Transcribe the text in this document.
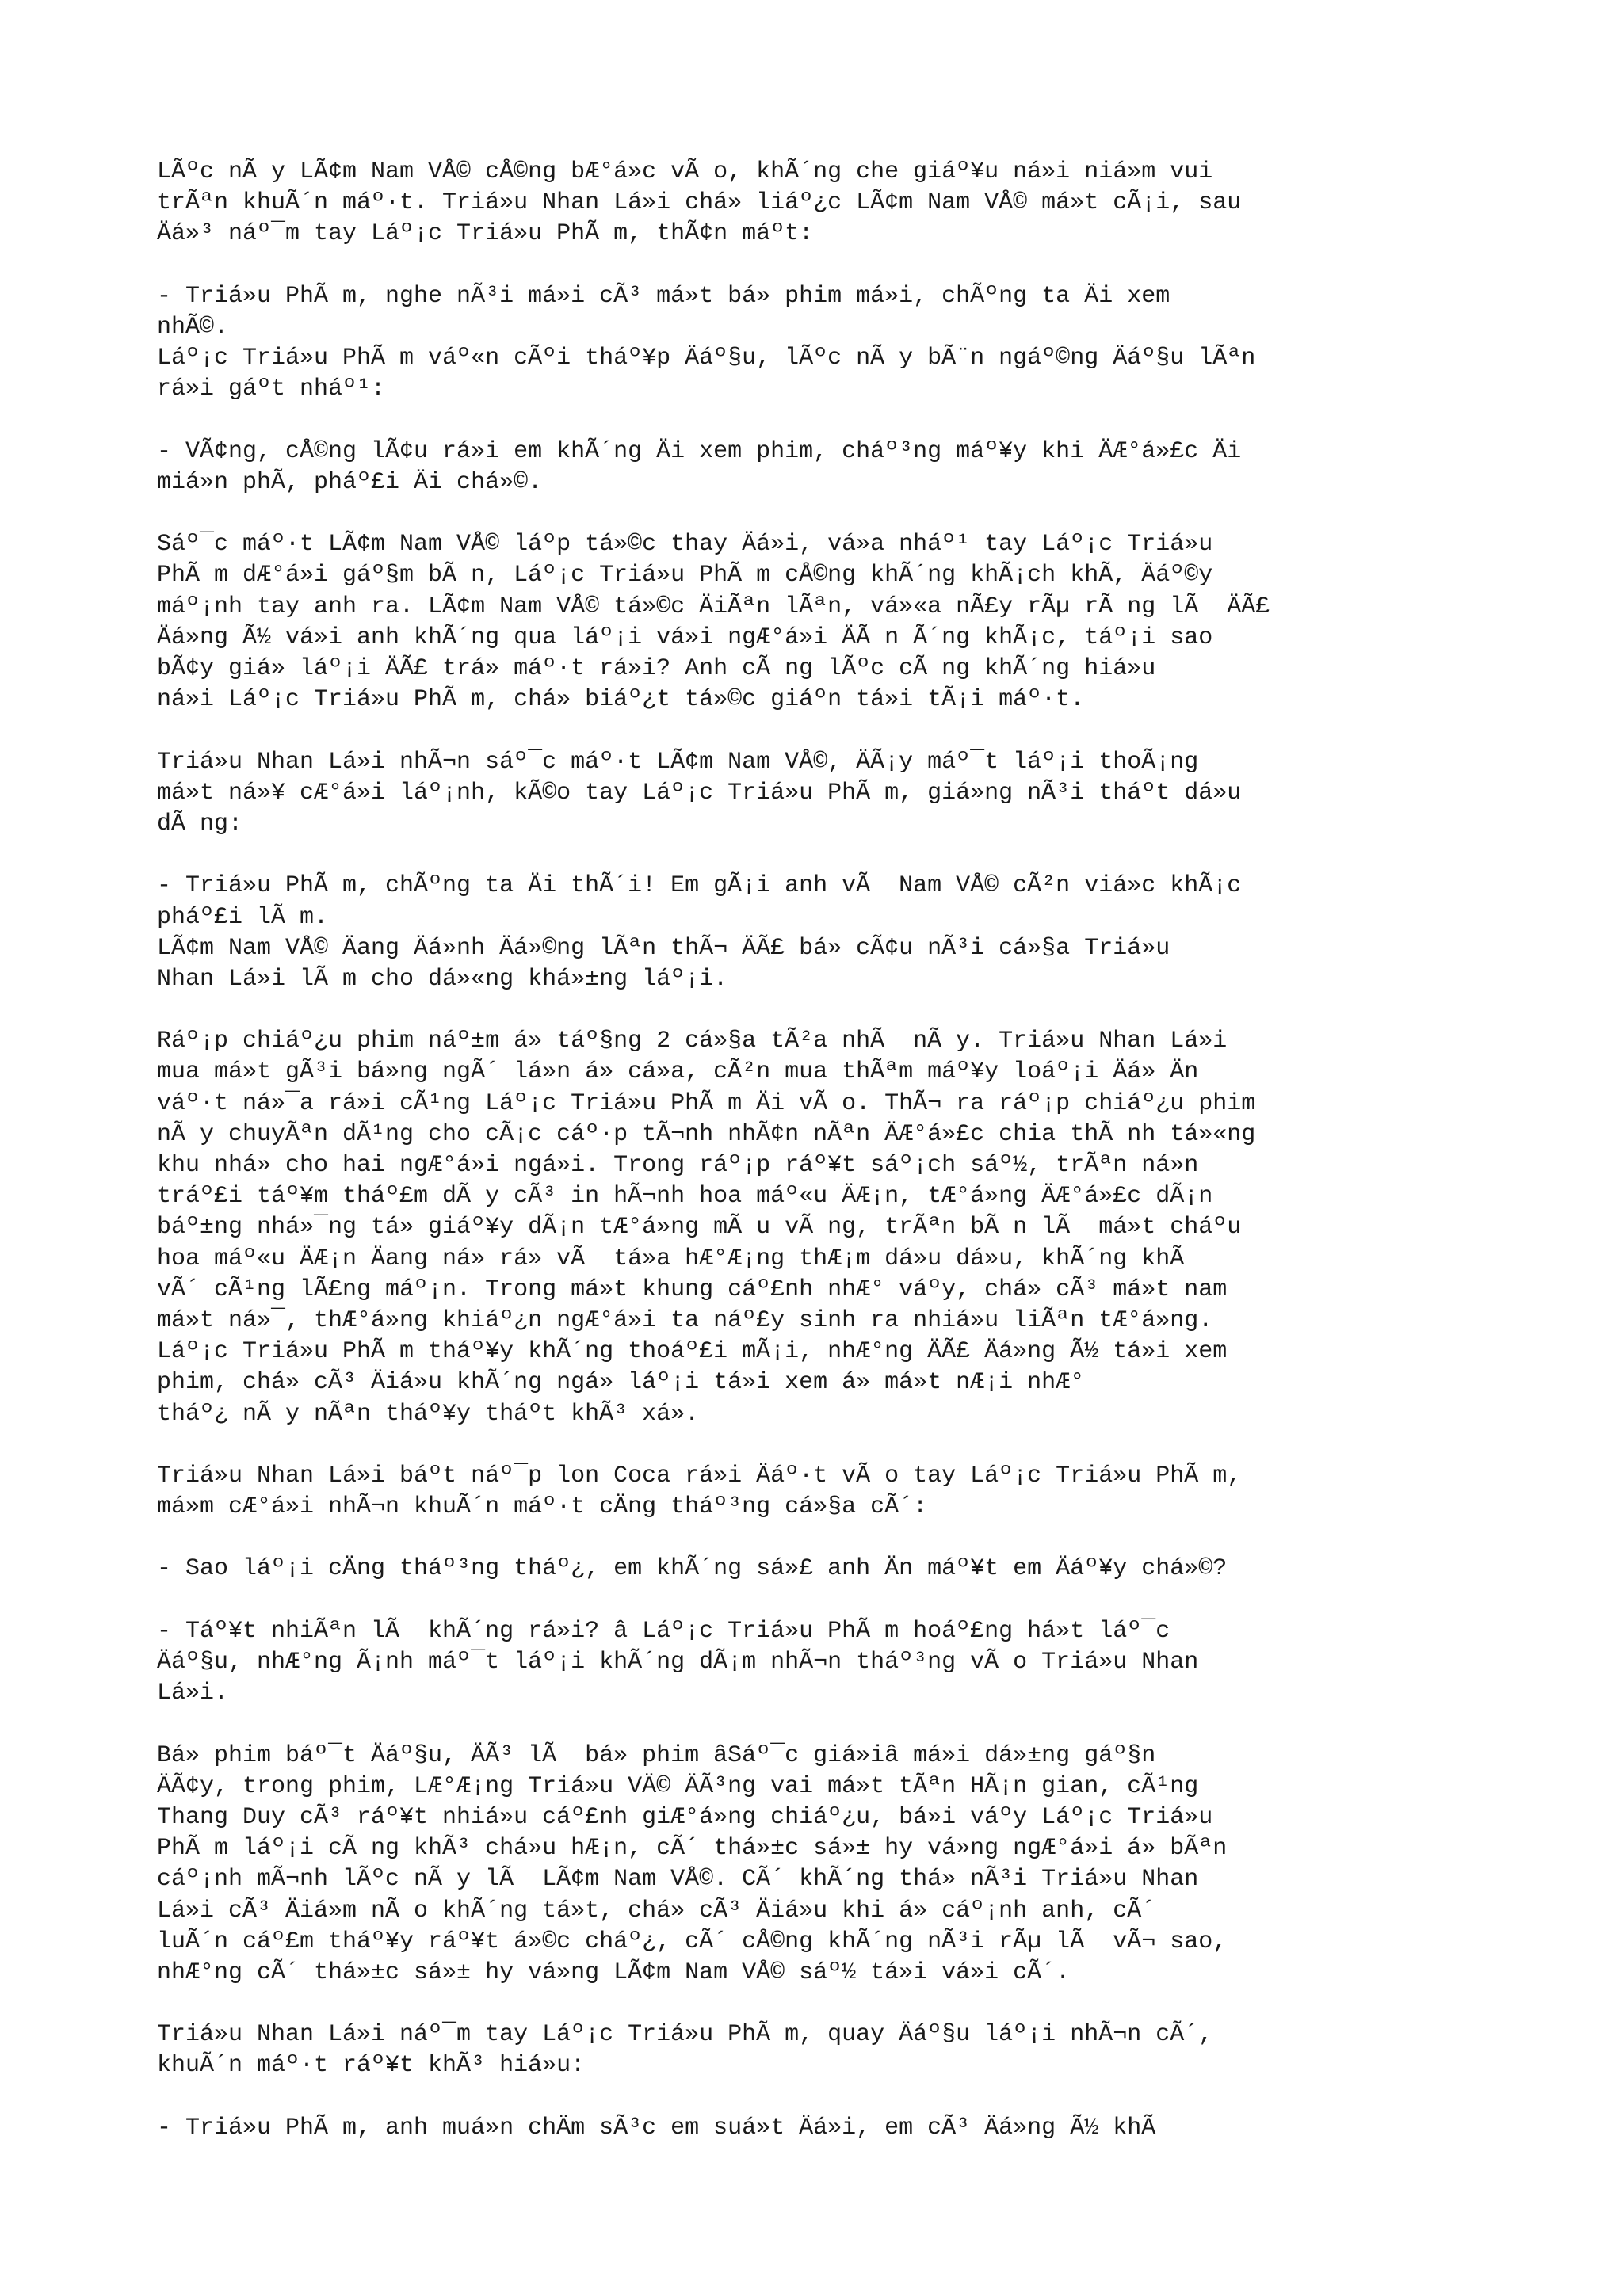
LÃºc nÃ y LÃ¢m Nam VÅ© cÅ©ng bÆ°á»c vÃ o, khÃ´ng che giáº¥u ná»i niá»m vui
trÃªn khuÃ´n máº·t. Triá»u Nhan Lá»i chá» liáº¿c LÃ¢m Nam VÅ© má»t cÃ¡i, sau
Äá»³ náº¯m tay Láº¡c Triá»u PhÃ m, thÃ¢n máºt:
- Triá»u PhÃ m, nghe nÃ³i má»i cÃ³ má»t bá» phim má»i, chÃºng ta Äi xem
nhÃ©.
Láº¡c Triá»u PhÃ m váº«n cÃºi tháº¥p Äáº§u, lÃºc nÃ y bÃ¨n ngáº©ng Äáº§u lÃªn
rá»i gáºt nháº¹:
- VÃ¢ng, cÅ©ng lÃ¢u rá»i em khÃ´ng Äi xem phim, cháº³ng máº¥y khi ÄÆ°á»£c Äi
miá»n phÃ, pháº£i Äi chá»©.
Sáº¯c máº·t LÃ¢m Nam VÅ© láºp tá»©c thay Äá»i, vá»a nháº¹ tay Láº¡c Triá»u
PhÃ m dÆ°á»i gáº§m bÃ n, Láº¡c Triá»u PhÃ m cÅ©ng khÃ´ng khÃ¡ch khÃ, Äáº©y
máº¡nh tay anh ra. LÃ¢m Nam VÅ© tá»©c ÄiÃªn lÃªn, vá»«a nÃ£y rÃµ rÃ ng lÃ  ÄÃ£
Äá»ng Ã½ vá»i anh khÃ´ng qua láº¡i vá»i ngÆ°á»i ÄÃ n Ã´ng khÃ¡c, táº¡i sao
bÃ¢y giá» láº¡i ÄÃ£ trá» máº·t rá»i? Anh cÃ ng lÃºc cÃ ng khÃ´ng hiá»u
ná»i Láº¡c Triá»u PhÃ m, chá» biáº¿t tá»©c giáºn tá»i tÃ¡i máº·t.
Triá»u Nhan Lá»i nhÃ¬n sáº¯c máº·t LÃ¢m Nam VÅ©, ÄÃ¡y máº¯t láº¡i thoÃ¡ng
má»t ná»¥ cÆ°á»i láº¡nh, kÃ©o tay Láº¡c Triá»u PhÃ m, giá»ng nÃ³i tháºt dá»u
dÃ ng:
- Triá»u PhÃ m, chÃºng ta Äi thÃ´i! Em gÃ¡i anh vÃ  Nam VÅ© cÃ²n viá»c khÃ¡c
pháº£i lÃ m.
LÃ¢m Nam VÅ© Äang Äá»nh Äá»©ng lÃªn thÃ¬ ÄÃ£ bá» cÃ¢u nÃ³i cá»§a Triá»u
Nhan Lá»i lÃ m cho dá»«ng khá»±ng láº¡i.
Ráº¡p chiáº¿u phim náº±m á» táº§ng 2 cá»§a tÃ²a nhÃ  nÃ y. Triá»u Nhan Lá»i
mua má»t gÃ³i bá»ng ngÃ´ lá»n á» cá»a, cÃ²n mua thÃªm máº¥y loáº¡i Äá» Än
váº·t ná»¯a rá»i cÃ¹ng Láº¡c Triá»u PhÃ m Äi vÃ o. ThÃ¬ ra ráº¡p chiáº¿u phim
nÃ y chuyÃªn dÃ¹ng cho cÃ¡c cáº·p tÃ¬nh nhÃ¢n nÃªn ÄÆ°á»£c chia thÃ nh tá»«ng
khu nhá» cho hai ngÆ°á»i ngá»i. Trong ráº¡p ráº¥t sáº¡ch sáº½, trÃªn ná»n
tráº£i táº¥m tháº£m dÃ y cÃ³ in hÃ¬nh hoa máº«u ÄÆ¡n, tÆ°á»ng ÄÆ°á»£c dÃ¡n
báº±ng nhá»¯ng tá» giáº¥y dÃ¡n tÆ°á»ng mÃ u vÃ ng, trÃªn bÃ n lÃ  má»t cháºu
hoa máº«u ÄÆ¡n Äang ná» rá» vÃ  tá»a hÆ°Æ¡ng thÆ¡m dá»u dá»u, khÃ´ng khÃ
vÃ´ cÃ¹ng lÃ£ng máº¡n. Trong má»t khung cáº£nh nhÆ° váºy, chá» cÃ³ má»t nam
má»t ná»¯, thÆ°á»ng khiáº¿n ngÆ°á»i ta náº£y sinh ra nhiá»u liÃªn tÆ°á»ng.
Láº¡c Triá»u PhÃ m tháº¥y khÃ´ng thoáº£i mÃ¡i, nhÆ°ng ÄÃ£ Äá»ng Ã½ tá»i xem
phim, chá» cÃ³ Äiá»u khÃ´ng ngá» láº¡i tá»i xem á» má»t nÆ¡i nhÆ°
tháº¿ nÃ y nÃªn tháº¥y tháºt khÃ³ xá».
Triá»u Nhan Lá»i báºt náº¯p lon Coca rá»i Äáº·t vÃ o tay Láº¡c Triá»u PhÃ m,
má»m cÆ°á»i nhÃ¬n khuÃ´n máº·t cÄng tháº³ng cá»§a cÃ´:
- Sao láº¡i cÄng tháº³ng tháº¿, em khÃ´ng sá»£ anh Än máº¥t em Äáº¥y chá»©?
- Táº¥t nhiÃªn lÃ  khÃ´ng rá»i? â Láº¡c Triá»u PhÃ m hoáº£ng há»t láº¯c
Äáº§u, nhÆ°ng Ã¡nh máº¯t láº¡i khÃ´ng dÃ¡m nhÃ¬n tháº³ng vÃ o Triá»u Nhan
Lá»i.
Bá» phim báº¯t Äáº§u, ÄÃ³ lÃ  bá» phim âSáº¯c giá»iâ má»i dá»±ng gáº§n
ÄÃ¢y, trong phim, LÆ°Æ¡ng Triá»u VÄ© ÄÃ³ng vai má»t tÃªn HÃ¡n gian, cÃ¹ng
Thang Duy cÃ³ ráº¥t nhiá»u cáº£nh giÆ°á»ng chiáº¿u, bá»i váºy Láº¡c Triá»u
PhÃ m láº¡i cÃ ng khÃ³ chá»u hÆ¡n, cÃ´ thá»±c sá»± hy vá»ng ngÆ°á»i á» bÃªn
cáº¡nh mÃ¬nh lÃºc nÃ y lÃ  LÃ¢m Nam VÅ©. CÃ´ khÃ´ng thá» nÃ³i Triá»u Nhan
Lá»i cÃ³ Äiá»m nÃ o khÃ´ng tá»t, chá» cÃ³ Äiá»u khi á» cáº¡nh anh, cÃ´
luÃ´n cáº£m tháº¥y ráº¥t á»©c cháº¿, cÃ´ cÅ©ng khÃ´ng nÃ³i rÃµ lÃ  vÃ¬ sao,
nhÆ°ng cÃ´ thá»±c sá»± hy vá»ng LÃ¢m Nam VÅ© sáº½ tá»i vá»i cÃ´.
Triá»u Nhan Lá»i náº¯m tay Láº¡c Triá»u PhÃ m, quay Äáº§u láº¡i nhÃ¬n cÃ´,
khuÃ´n máº·t ráº¥t khÃ³ hiá»u:
- Triá»u PhÃ m, anh muá»n chÄm sÃ³c em suá»t Äá»i, em cÃ³ Äá»ng Ã½ khÃ
